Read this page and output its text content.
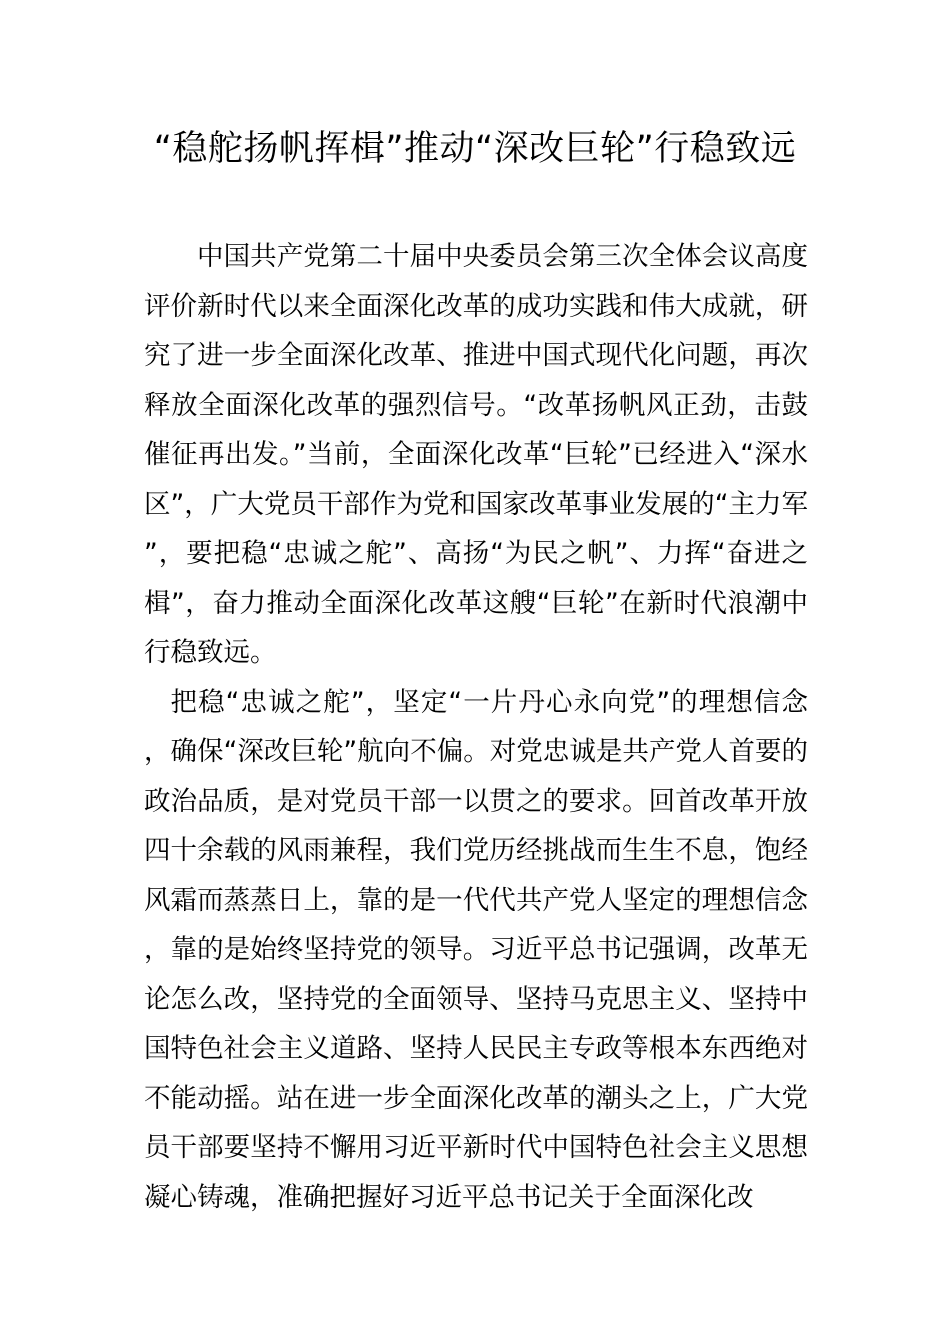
“稳舵扬帆挥楫”推动“深改巨轮”行稳致远

中国共产党第二十届中央委员会第三次全体会议高度评价新时代以来全面深化改革的成功实践和伟大成就，研究了进一步全面深化改革、推进中国式现代化问题，再次释放全面深化改革的强烈信号。“改革扬帆风正劲，击鼓催征再出发。”当前，全面深化改革“巨轮”已经进入“深水区”，广大党员干部作为党和国家改革事业发展的“主力军”，要把稳“忠诚之舵”、高扬“为民之帆”、力挥“奋进之楫”，奋力推动全面深化改革这艘“巨轮”在新时代浪潮中行稳致远。

把稳“忠诚之舵”，坚定“一片丹心永向党”的理想信念，确保“深改巨轮”航向不偏。对党忠诚是共产党人首要的政治品质，是对党员干部一以贯之的要求。回首改革开放四十余载的风雨兼程，我们党历经挑战而生生不息，饱经风霜而蒸蒸日上，靠的是一代代共产党人坚定的理想信念，靠的是始终坚持党的领导。习近平总书记强调，改革无论怎么改，坚持党的全面领导、坚持马克思主义、坚持中国特色社会主义道路、坚持人民民主专政等根本东西绝对不能动摇。站在进一步全面深化改革的潮头之上，广大党员干部要坚持不懈用习近平新时代中国特色社会主义思想凝心铸魂，准确把握好习近平总书记关于全面深化改
